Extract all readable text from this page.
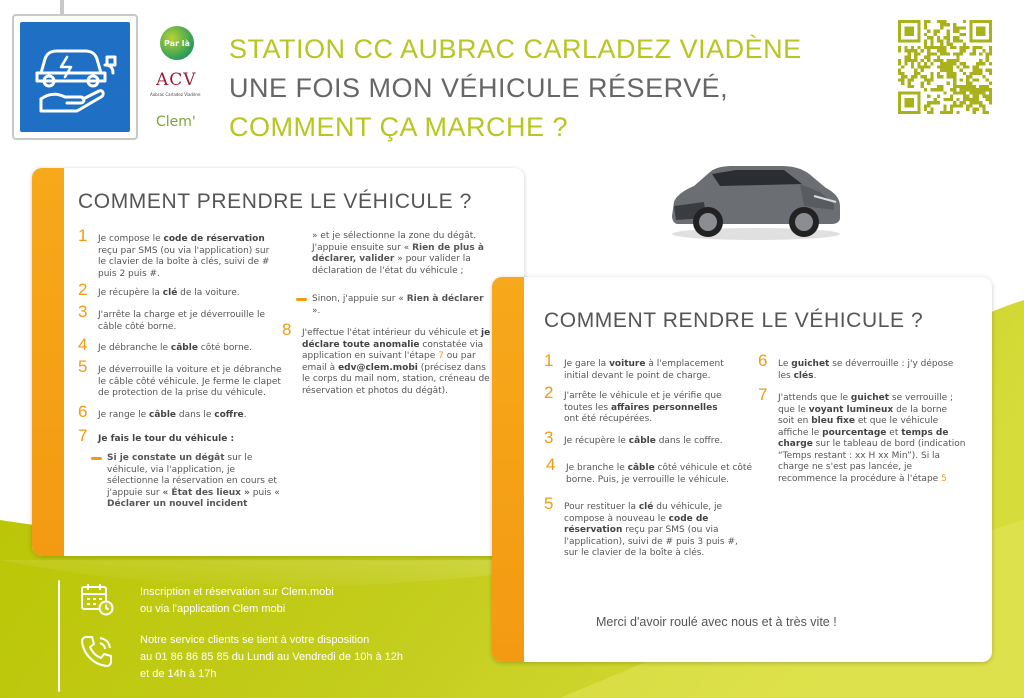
Par là
ACV
Aubrac Carladez Viadène
Clem'
STATION CC AUBRAC CARLADEZ VIADÈNE
UNE FOIS MON VÉHICULE RÉSERVÉ,
COMMENT ÇA MARCHE ?
COMMENT PRENDRE LE VÉHICULE ?
1 Je compose le code de réservation reçu par SMS (ou via l'application) sur le clavier de la boîte à clés, suivi de # puis 2 puis #.
2 Je récupère la clé de la voiture.
3 J'arrête la charge et je déverrouille le câble côté borne.
4 Je débranche le câble côté borne.
5 Je déverrouille la voiture et je débranche le câble côté véhicule. Je ferme le clapet de protection de la prise du véhicule.
6 Je range le câble dans le coffre.
7 Je fais le tour du véhicule :
Si je constate un dégât sur le véhicule, via l'application, je sélectionne la réservation en cours et j'appuie sur « État des lieux » puis « Déclarer un nouvel incident
» et je sélectionne la zone du dégât. J'appuie ensuite sur « Rien de plus à déclarer, valider » pour valider la déclaration de l'état du véhicule ;
Sinon, j'appuie sur « Rien à déclarer ».
8 J'effectue l'état intérieur du véhicule et je déclare toute anomalie constatée via application en suivant l'étape 7 ou par email à edv@clem.mobi (précisez dans le corps du mail nom, station, créneau de réservation et photos du dégât).
COMMENT RENDRE LE VÉHICULE ?
1 Je gare la voiture à l'emplacement initial devant le point de charge.
2 J'arrête le véhicule et je vérifie que toutes les affaires personnelles ont été récupérées.
3 Je récupère le câble dans le coffre.
4 Je branche le câble côté véhicule et côté borne. Puis, je verrouille le véhicule.
5 Pour restituer la clé du véhicule, je compose à nouveau le code de réservation reçu par SMS (ou via l'application), suivi de # puis 3 puis #, sur le clavier de la boîte à clés.
6 Le guichet se déverrouille : j'y dépose les clés.
7 J'attends que le guichet se verrouille ; que le voyant lumineux de la borne soit en bleu fixe et que le véhicule affiche le pourcentage et temps de charge sur le tableau de bord (indication “Temps restant : xx H xx Min”). Si la charge ne s'est pas lancée, je recommence la procédure à l'étape 5
Merci d'avoir roulé avec nous et à très vite !
Inscription et réservation sur Clem.mobi
ou via l'application Clem mobi
Notre service clients se tient à votre disposition
au 01 86 86 85 85 du Lundi au Vendredi de 10h à 12h
et de 14h à 17h
